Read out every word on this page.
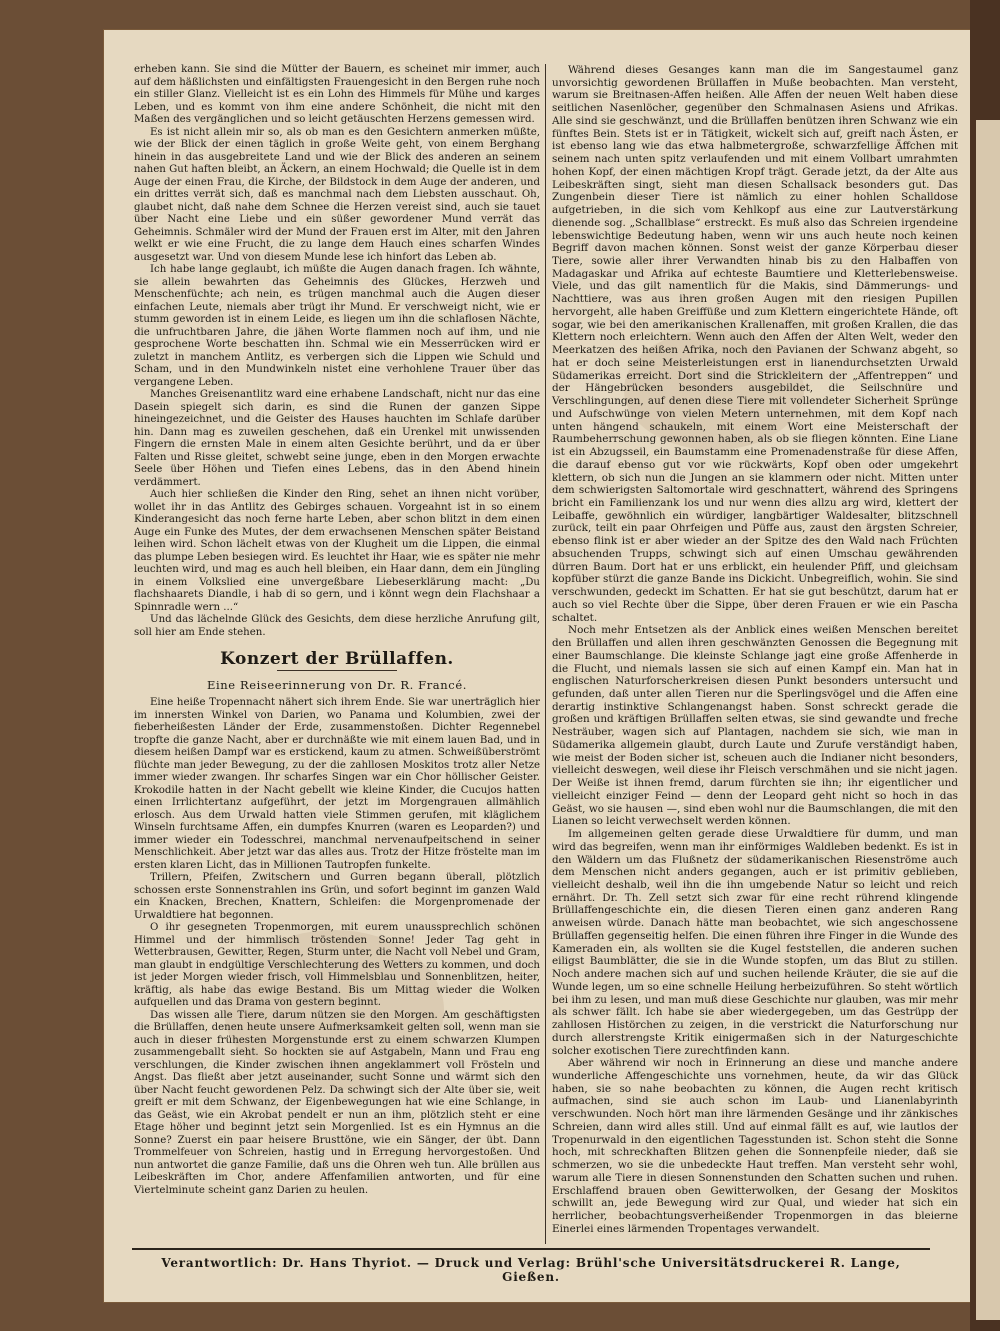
erheben kann. Sie sind die Mütter der Bauern, es scheinet mir immer, auch auf dem häßlichsten und einfältigsten Frauengesicht in den Bergen ruhe noch ein stiller Glanz. Vielleicht ist es ein Lohn des Himmels für Mühe und karges Leben, und es kommt von ihm eine andere Schönheit, die nicht mit den Maßen des vergänglichen und so leicht getäuschten Herzens gemessen wird.

Es ist nicht allein mir so, als ob man es den Gesichtern anmerken müßte, wie der Blick der einen täglich in große Weite geht, von einem Berghang hinein in das ausgebreitete Land und wie der Blick des anderen an seinem nahen Gut haften bleibt, an Äckern, an einem Hochwald; die Quelle ist in dem Auge der einen Frau, die Kirche, der Bildstock in dem Auge der anderen, und ein drittes verrät sich, daß es manchmal nach dem Liebsten ausschaut. Oh, glaubet nicht, daß nahe dem Schnee die Herzen vereist sind, auch sie tauet über Nacht eine Liebe und ein süßer gewordener Mund verrät das Geheimnis. Schmäler wird der Mund der Frauen erst im Alter, mit den Jahren welkt er wie eine Frucht, die zu lange dem Hauch eines scharfen Windes ausgesetzt war. Und von diesem Munde lese ich hinfort das Leben ab.

Ich habe lange geglaubt, ich müßte die Augen danach fragen. Ich wähnte, sie allein bewahrten das Geheimnis des Glückes, Herzweh und Menschenfüchte; ach nein, es trügen manchmal auch die Augen dieser einfachen Leute, niemals aber trügt ihr Mund. Er verschweigt nicht, wie er stumm geworden ist in einem Leide, es liegen um ihn die schlaflosen Nächte, die unfruchtbaren Jahre, die jähen Worte flammen noch auf ihm, und nie gesprochene Worte beschatten ihn. Schmal wie ein Messerrücken wird er zuletzt in manchem Antlitz, es verbergen sich die Lippen wie Schuld und Scham, und in den Mundwinkeln nistet eine verhohlene Trauer über das vergangene Leben.

Manches Greisenantlitz ward eine erhabene Landschaft, nicht nur das eine Dasein spiegelt sich darin, es sind die Runen der ganzen Sippe hineingezeichnet, und die Geister des Hauses hauchten im Schlafe darüber hin. Dann mag es zuweilen geschehen, daß ein Urenkel mit unwissenden Fingern die ernsten Male in einem alten Gesichte berührt, und da er über Falten und Risse gleitet, schwebt seine junge, eben in den Morgen erwachte Seele über Höhen und Tiefen eines Lebens, das in den Abend hinein verdämmert.

Auch hier schließen die Kinder den Ring, sehet an ihnen nicht vorüber, wollet ihr in das Antlitz des Gebirges schauen. Vorgeahnt ist in so einem Kinderangesicht das noch ferne harte Leben, aber schon blitzt in dem einen Auge ein Funke des Mutes, der dem erwachsenen Menschen später Beistand leihen wird. Schon lächelt etwas von der Klugheit um die Lippen, die einmal das plumpe Leben besiegen wird. Es leuchtet ihr Haar, wie es später nie mehr leuchten wird, und mag es auch hell bleiben, ein Haar dann, dem ein Jüngling in einem Volkslied eine unvergeßbare Liebeserklärung macht: „Du flachshaarets Diandle, i hab di so gern, und i könnt wegn dein Flachshaar a Spinnradle wern ...“

Und das lächelnde Glück des Gesichts, dem diese herzliche Anrufung gilt, soll hier am Ende stehen.

Konzert der Brüllaffen.
Eine Reiseerinnerung von Dr. R. Francé.

Eine heiße Tropennacht nähert sich ihrem Ende. Sie war unerträglich hier im innersten Winkel von Darien, wo Panama und Kolumbien, zwei der fieberheißesten Länder der Erde, zusammenstoßen. Dichter Regennebel tropfte die ganze Nacht, aber er durchnäßte wie mit einem lauen Bad, und in diesem heißen Dampf war es erstickend, kaum zu atmen. Schweißüberströmt flüchte man jeder Bewegung, zu der die zahllosen Moskitos trotz aller Netze immer wieder zwangen. Ihr scharfes Singen war ein Chor höllischer Geister. Krokodile hatten in der Nacht gebellt wie kleine Kinder, die Cucujos hatten einen Irrlichtertanz aufgeführt, der jetzt im Morgengrauen allmählich erlosch. Aus dem Urwald hatten viele Stimmen gerufen, mit kläglichem Winseln furchtsame Affen, ein dumpfes Knurren (waren es Leoparden?) und immer wieder ein Todesschrei, manchmal nervenaufpeitschend in seiner Menschlichkeit. Aber jetzt war das alles aus. Trotz der Hitze fröstelte man im ersten klaren Licht, das in Millionen Tautropfen funkelte.

Trillern, Pfeifen, Zwitschern und Gurren begann überall, plötzlich schossen erste Sonnenstrahlen ins Grün, und sofort beginnt im ganzen Wald ein Knacken, Brechen, Knattern, Schleifen: die Morgenpromenade der Urwaldtiere hat begonnen.

O ihr gesegneten Tropenmorgen, mit eurem unaussprechlich schönen Himmel und der himmlisch tröstenden Sonne! Jeder Tag geht in Wetterbrausen, Gewitter, Regen, Sturm unter, die Nacht voll Nebel und Gram, man glaubt in endgültige Verschlechterung des Wetters zu kommen, und doch ist jeder Morgen wieder frisch, voll Himmelsblau und Sonnenblitzen, heiter, kräftig, als habe das ewige Bestand. Bis um Mittag wieder die Wolken aufquellen und das Drama von gestern beginnt.

Das wissen alle Tiere, darum nützen sie den Morgen. Am geschäftigsten die Brüllaffen, denen heute unsere Aufmerksamkeit gelten soll, wenn man sie auch in dieser frühesten Morgenstunde erst zu einem schwarzen Klumpen zusammengeballt sieht. So hockten sie auf Astgabeln, Mann und Frau eng verschlungen, die Kinder zwischen ihnen angeklammert voll Frösteln und Angst. Das fließt aber jetzt auseinander, sucht Sonne und wärmt sich den über Nacht feucht gewordenen Pelz. Da schwingt sich der Alte über sie, weit greift er mit dem Schwanz, der Eigenbewegungen hat wie eine Schlange, in das Geäst, wie ein Akrobat pendelt er nun an ihm, plötzlich steht er eine Etage höher und beginnt jetzt sein Morgenlied. Ist es ein Hymnus an die Sonne? Zuerst ein paar heisere Brusttöne, wie ein Sänger, der übt. Dann Trommelfeuer von Schreien, hastig und in Erregung hervorgestoßen. Und nun antwortet die ganze Familie, daß uns die Ohren weh tun. Alle brüllen aus Leibeskräften im Chor, andere Affenfamilien antworten, und für eine Viertelminute scheint ganz Darien zu heulen.

Während dieses Gesanges kann man die im Sangestaumel ganz unvorsichtig gewordenen Brüllaffen in Muße beobachten. Man versteht, warum sie Breitnasen-Affen heißen. Alle Affen der neuen Welt haben diese seitlichen Nasenlöcher, gegenüber den Schmalnasen Asiens und Afrikas. Alle sind sie geschwänzt, und die Brüllaffen benützen ihren Schwanz wie ein fünftes Bein. Stets ist er in Tätigkeit, wickelt sich auf, greift nach Ästen, er ist ebenso lang wie das etwa halbmetergroße, schwarzfellige Äffchen mit seinem nach unten spitz verlaufenden und mit einem Vollbart umrahmten hohen Kopf, der einen mächtigen Kropf trägt. Gerade jetzt, da der Alte aus Leibeskräften singt, sieht man diesen Schallsack besonders gut. Das Zungenbein dieser Tiere ist nämlich zu einer hohlen Schalldose aufgetrieben, in die sich vom Kehlkopf aus eine zur Lautverstärkung dienende sog. „Schallblase“ erstreckt. Es muß also das Schreien irgendeine lebenswichtige Bedeutung haben, wenn wir uns auch heute noch keinen Begriff davon machen können. Sonst weist der ganze Körperbau dieser Tiere, sowie aller ihrer Verwandten hinab bis zu den Halbaffen von Madagaskar und Afrika auf echteste Baumtiere und Kletterlebensweise. Viele, und das gilt namentlich für die Makis, sind Dämmerungs- und Nachttiere, was aus ihren großen Augen mit den riesigen Pupillen hervorgeht, alle haben Greiffüße und zum Klettern eingerichtete Hände, oft sogar, wie bei den amerikanischen Krallenaffen, mit großen Krallen, die das Klettern noch erleichtern. Wenn auch den Affen der Alten Welt, weder den Meerkatzen des heißen Afrika, noch den Pavianen der Schwanz abgeht, so hat er doch seine Meisterleistungen erst in lianendurchsetzten Urwald Südamerikas erreicht. Dort sind die Strickleitern der „Affentreppen“ und der Hängebrücken besonders ausgebildet, die Seilschnüre und Verschlingungen, auf denen diese Tiere mit vollendeter Sicherheit Sprünge und Aufschwünge von vielen Metern unternehmen, mit dem Kopf nach unten hängend schaukeln, mit einem Wort eine Meisterschaft der Raumbeherrschung gewonnen haben, als ob sie fliegen könnten. Eine Liane ist ein Abzugsseil, ein Baumstamm eine Promenadenstraße für diese Affen, die darauf ebenso gut vor wie rückwärts, Kopf oben oder umgekehrt klettern, ob sich nun die Jungen an sie klammern oder nicht. Mitten unter dem schwierigsten Saltomortale wird geschnattert, während des Springens bricht ein Familienzank los und nur wenn dies allzu arg wird, klettert der Leibaffe, gewöhnlich ein würdiger, langbärtiger Waldesalter, blitzschnell zurück, teilt ein paar Ohrfeigen und Püffe aus, zaust den ärgsten Schreier, ebenso flink ist er aber wieder an der Spitze des den Wald nach Früchten absuchenden Trupps, schwingt sich auf einen Umschau gewährenden dürren Baum. Dort hat er uns erblickt, ein heulender Pfiff, und gleichsam kopfüber stürzt die ganze Bande ins Dickicht. Unbegreiflich, wohin. Sie sind verschwunden, gedeckt im Schatten. Er hat sie gut beschützt, darum hat er auch so viel Rechte über die Sippe, über deren Frauen er wie ein Pascha schaltet.

Noch mehr Entsetzen als der Anblick eines weißen Menschen bereitet den Brüllaffen und allen ihren geschwänzten Genossen die Begegnung mit einer Baumschlange. Die kleinste Schlange jagt eine große Affenherde in die Flucht, und niemals lassen sie sich auf einen Kampf ein. Man hat in englischen Naturforscherkreisen diesen Punkt besonders untersucht und gefunden, daß unter allen Tieren nur die Sperlingsvögel und die Affen eine derartig instinktive Schlangenangst haben. Sonst schreckt gerade die großen und kräftigen Brüllaffen selten etwas, sie sind gewandte und freche Nesträuber, wagen sich auf Plantagen, nachdem sie sich, wie man in Südamerika allgemein glaubt, durch Laute und Zurufe verständigt haben, wie meist der Boden sicher ist, scheuen auch die Indianer nicht besonders, vielleicht deswegen, weil diese ihr Fleisch verschmähen und sie nicht jagen. Der Weiße ist ihnen fremd, darum fürchten sie ihn; ihr eigentlicher und vielleicht einziger Feind — denn der Leopard geht nicht so hoch in das Geäst, wo sie hausen —, sind eben wohl nur die Baumschlangen, die mit den Lianen so leicht verwechselt werden können.

Im allgemeinen gelten gerade diese Urwaldtiere für dumm, und man wird das begreifen, wenn man ihr einförmiges Waldleben bedenkt. Es ist in den Wäldern um das Flußnetz der südamerikanischen Riesenströme auch dem Menschen nicht anders gegangen, auch er ist primitiv geblieben, vielleicht deshalb, weil ihn die ihn umgebende Natur so leicht und reich ernährt. Dr. Th. Zell setzt sich zwar für eine recht rührend klingende Brüllaffengeschichte ein, die diesen Tieren einen ganz anderen Rang anweisen würde. Danach hätte man beobachtet, wie sich angeschossene Brüllaffen gegenseitig helfen. Die einen führen ihre Finger in die Wunde des Kameraden ein, als wollten sie die Kugel feststellen, die anderen suchen eiligst Baumblätter, die sie in die Wunde stopfen, um das Blut zu stillen. Noch andere machen sich auf und suchen heilende Kräuter, die sie auf die Wunde legen, um so eine schnelle Heilung herbeizuführen. So steht wörtlich bei ihm zu lesen, und man muß diese Geschichte nur glauben, was mir mehr als schwer fällt. Ich habe sie aber wiedergegeben, um das Gestrüpp der zahllosen Histörchen zu zeigen, in die verstrickt die Naturforschung nur durch allerstrengste Kritik einigermaßen sich in der Naturgeschichte solcher exotischen Tiere zurechtfinden kann.

Aber während wir noch in Erinnerung an diese und manche andere wunderliche Affengeschichte uns vornehmen, heute, da wir das Glück haben, sie so nahe beobachten zu können, die Augen recht kritisch aufmachen, sind sie auch schon im Laub- und Lianenlabyrinth verschwunden. Noch hört man ihre lärmenden Gesänge und ihr zänkisches Schreien, dann wird alles still. Und auf einmal fällt es auf, wie lautlos der Tropenurwald in den eigentlichen Tagesstunden ist. Schon steht die Sonne hoch, mit schreckhaften Blitzen gehen die Sonnenpfeile nieder, daß sie schmerzen, wo sie die unbedeckte Haut treffen. Man versteht sehr wohl, warum alle Tiere in diesen Sonnenstunden den Schatten suchen und ruhen. Erschlaffend brauen oben Gewitterwolken, der Gesang der Moskitos schwillt an, jede Bewegung wird zur Qual, und wieder hat sich ein herrlicher, beobachtungsverheißender Tropenmorgen in das bleierne Einerlei eines lärmenden Tropentages verwandelt.

Verantwortlich: Dr. Hans Thyriot. — Druck und Verlag: Brühl'sche Universitätsdruckerei R. Lange, Gießen.
